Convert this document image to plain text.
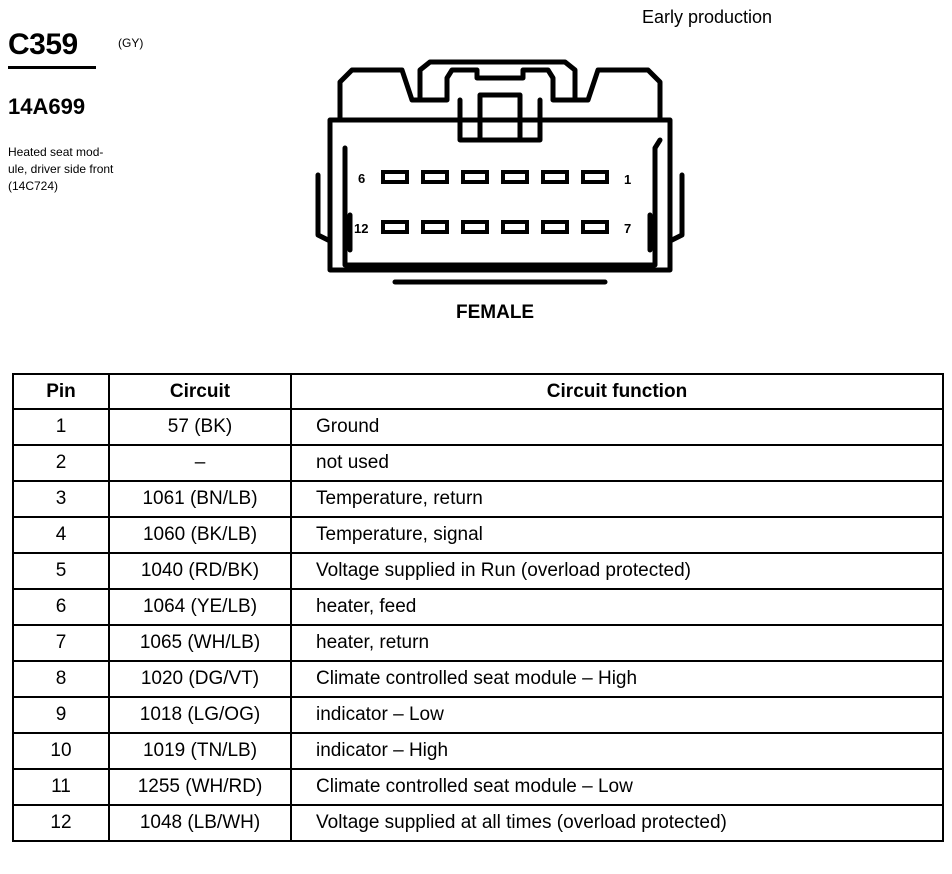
C359	(GY)
14A699
Heated seat mod-
ule, driver side front
(14C724)
Early production
6	1
12	7
FEMALE
Pin	Circuit	Circuit function
1	57 (BK)	Ground
2	–	not used
3	1061 (BN/LB)	Temperature, return
4	1060 (BK/LB)	Temperature, signal
5	1040 (RD/BK)	Voltage supplied in Run (overload protected)
6	1064 (YE/LB)	heater, feed
7	1065 (WH/LB)	heater, return
8	1020 (DG/VT)	Climate controlled seat module – High
9	1018 (LG/OG)	indicator – Low
10	1019 (TN/LB)	indicator – High
11	1255 (WH/RD)	Climate controlled seat module – Low
12	1048 (LB/WH)	Voltage supplied at all times (overload protected)
